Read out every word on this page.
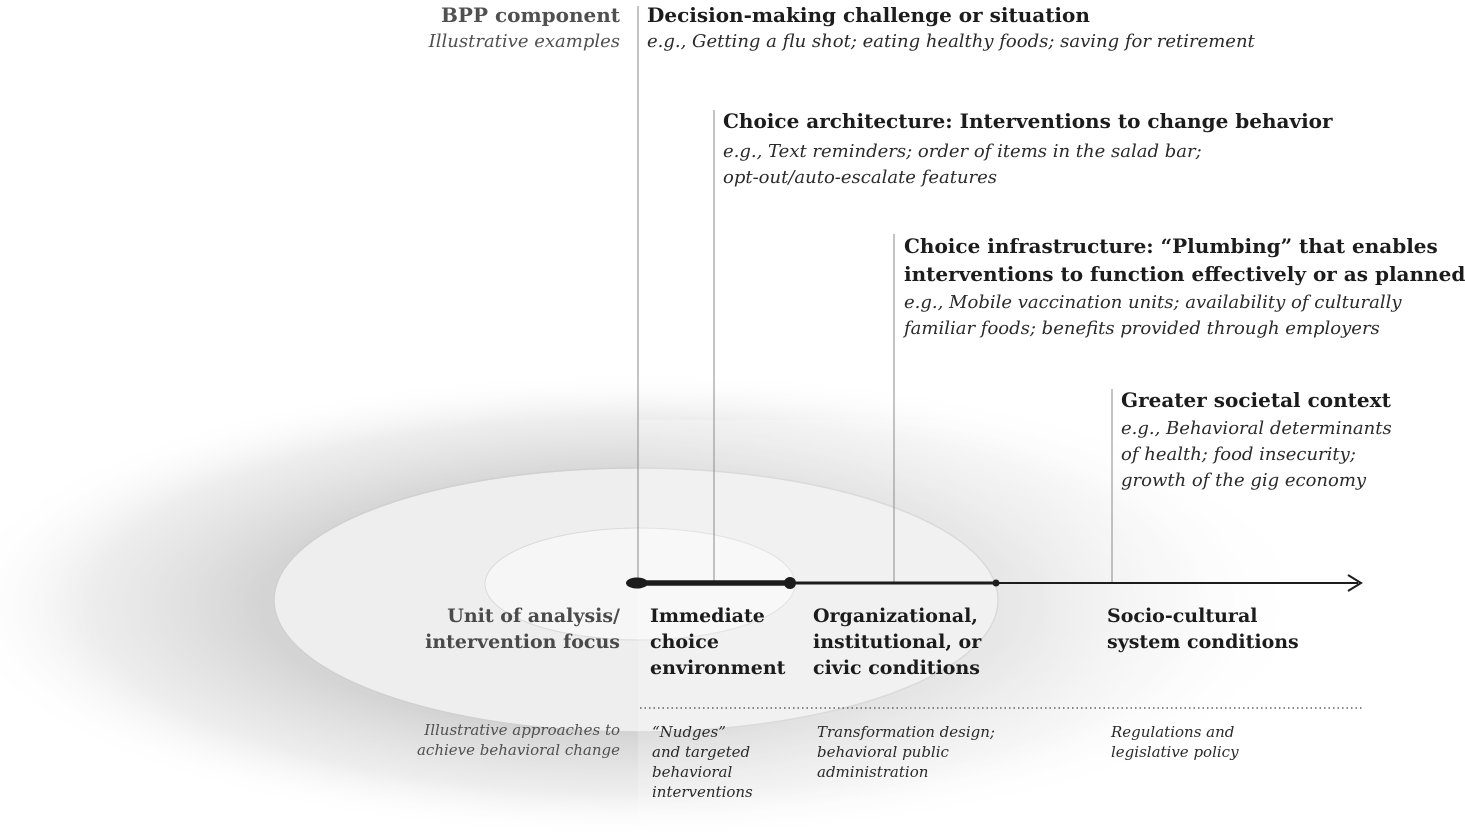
BPP component
Illustrative examples
Unit of analysis/
intervention focus
Illustrative approaches to
achieve behavioral change
Decision-making challenge or situation
e.g., Getting a flu shot; eating healthy foods; saving for retirement
Choice architecture: Interventions to change behavior
e.g., Text reminders; order of items in the salad bar;
opt-out/auto-escalate features
Choice infrastructure: “Plumbing” that enables
interventions to function effectively or as planned
e.g., Mobile vaccination units; availability of culturally
familiar foods; benefits provided through employers
Greater societal context
e.g., Behavioral determinants
of health; food insecurity;
growth of the gig economy
Immediate
choice
environment
Organizational,
institutional, or
civic conditions
Socio-cultural
system conditions
“Nudges”
and targeted
behavioral
interventions
Transformation design;
behavioral public
administration
Regulations and
legislative policy
